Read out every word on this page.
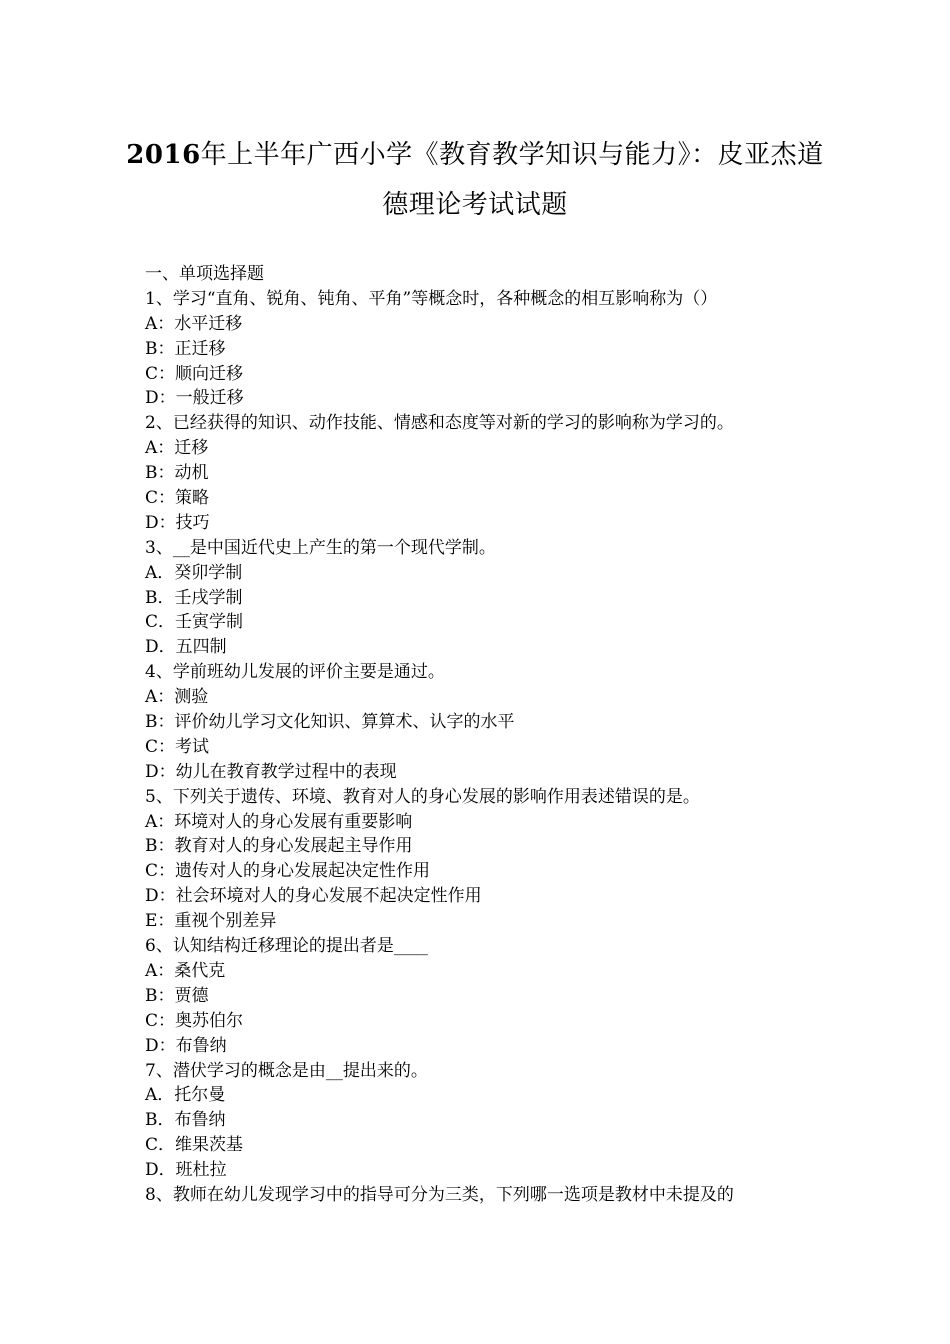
2016年上半年广西小学《教育教学知识与能力》：皮亚杰道
德理论考试试题
一、单项选择题
1、学习“直角、锐角、钝角、平角”等概念时，各种概念的相互影响称为（）
A：水平迁移
B：正迁移
C：顺向迁移
D：一般迁移
2、已经获得的知识、动作技能、情感和态度等对新的学习的影响称为学习的。
A：迁移
B：动机
C：策略
D：技巧
3、__是中国近代史上产生的第一个现代学制。
A．癸卯学制
B．壬戌学制
C．壬寅学制
D．五四制
4、学前班幼儿发展的评价主要是通过。
A：测验
B：评价幼儿学习文化知识、算算术、认字的水平
C：考试
D：幼儿在教育教学过程中的表现
5、下列关于遗传、环境、教育对人的身心发展的影响作用表述错误的是。
A：环境对人的身心发展有重要影响
B：教育对人的身心发展起主导作用
C：遗传对人的身心发展起决定性作用
D：社会环境对人的身心发展不起决定性作用
E：重视个别差异
6、认知结构迁移理论的提出者是____
A：桑代克
B：贾德
C：奥苏伯尔
D：布鲁纳
7、潜伏学习的概念是由__提出来的。
A．托尔曼
B．布鲁纳
C．维果茨基
D．班杜拉
8、教师在幼儿发现学习中的指导可分为三类，下列哪一选项是教材中未提及的
